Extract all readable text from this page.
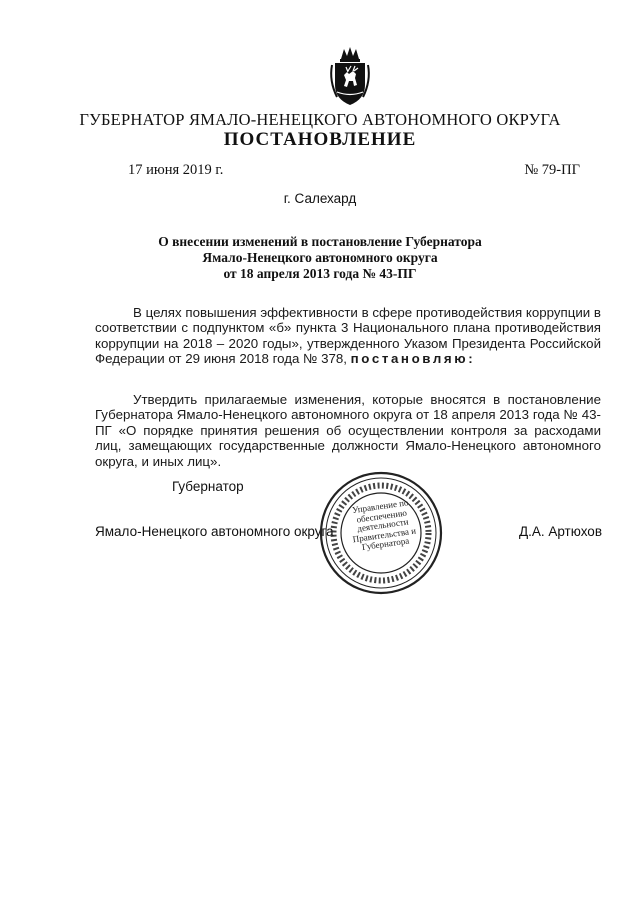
ГУБЕРНАТОР ЯМАЛО-НЕНЕЦКОГО АВТОНОМНОГО ОКРУГА
ПОСТАНОВЛЕНИЕ
17 июня 2019 г.	№ 79-ПГ
г. Салехард
О внесении изменений в постановление Губернатора
Ямало-Ненецкого автономного округа
от 18 апреля 2013 года № 43-ПГ
В целях повышения эффективности в сфере противодействия коррупции в соответствии с подпунктом «б» пункта 3 Национального плана противодействия коррупции на 2018 – 2020 годы», утвержденного Указом Президента Российской Федерации от 29 июня 2018 года № 378, постановляю:
Утвердить прилагаемые изменения, которые вносятся в постановление Губернатора Ямало-Ненецкого автономного округа от 18 апреля 2013 года № 43-ПГ «О порядке принятия решения об осуществлении контроля за расходами лиц, замещающих государственные должности Ямало-Ненецкого автономного округа, и иных лиц».
Губернатор
Ямало-Ненецкого автономного округа
Управление по обеспечению деятельности Правительства и Губернатора
Д.А. Артюхов
